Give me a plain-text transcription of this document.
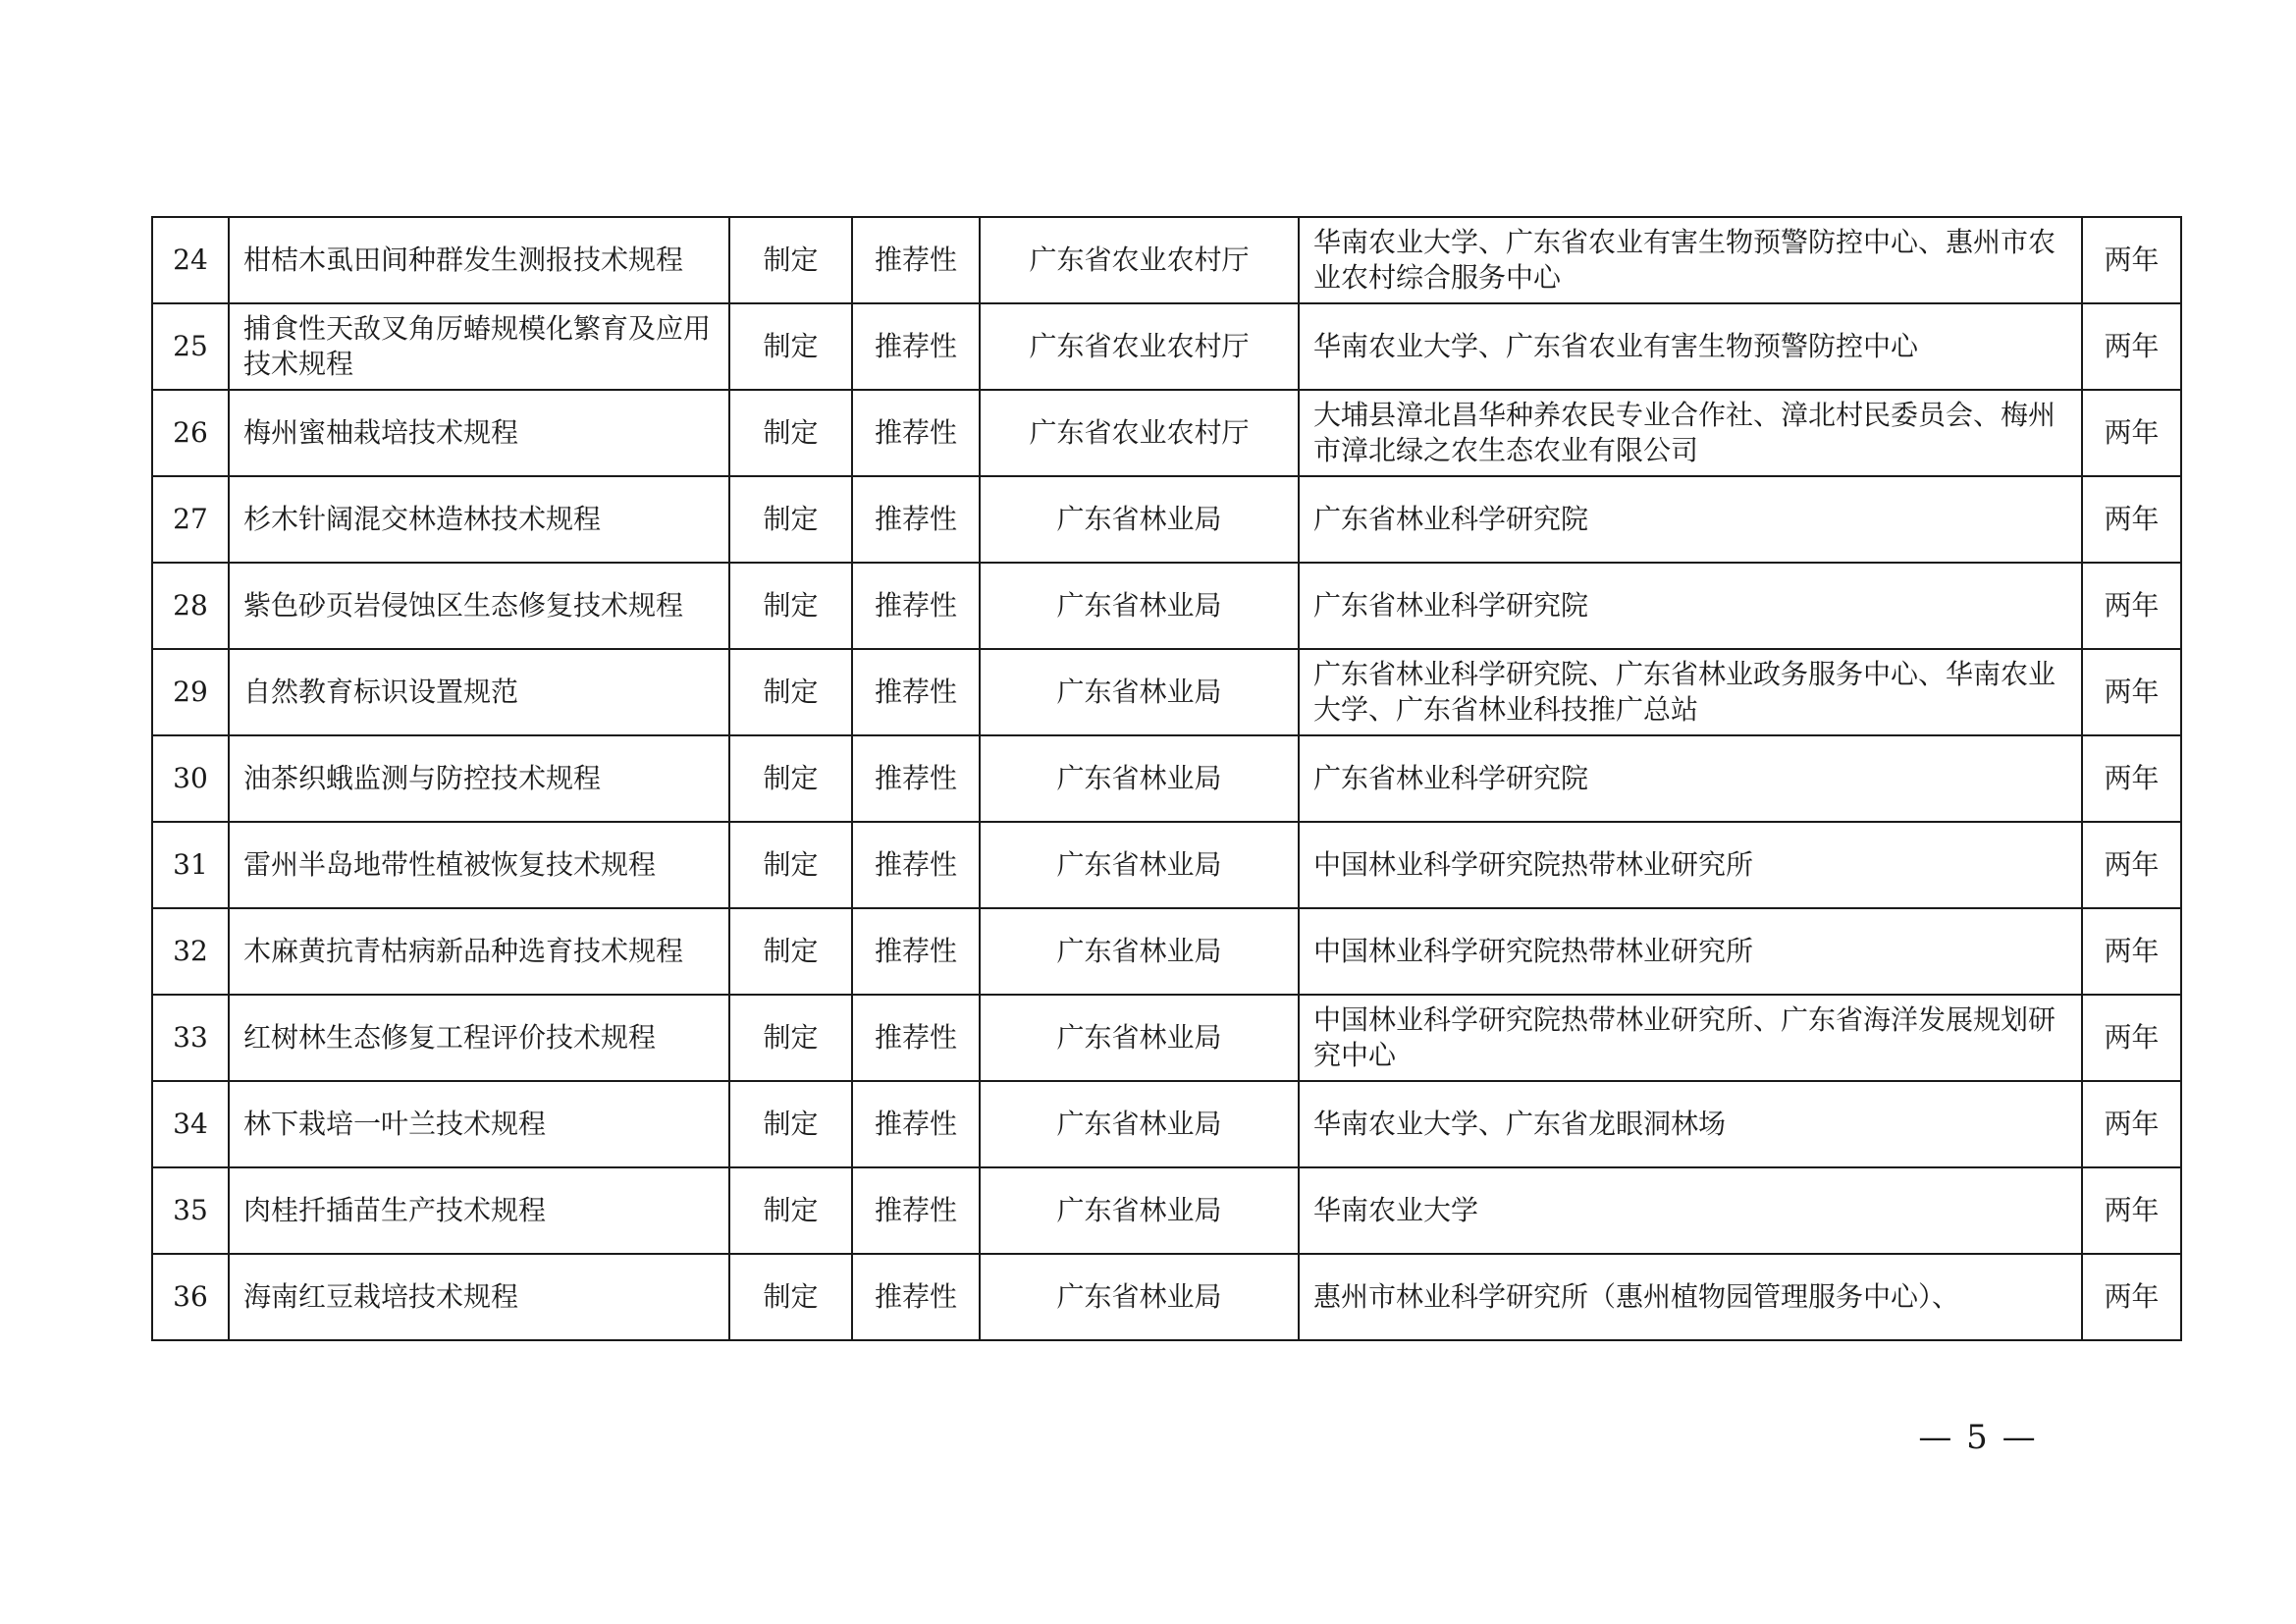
24	柑桔木虱田间种群发生测报技术规程	制定	推荐性	广东省农业农村厅	华南农业大学、广东省农业有害生物预警防控中心、惠州市农业农村综合服务中心	两年
25	捕食性天敌叉角厉蝽规模化繁育及应用技术规程	制定	推荐性	广东省农业农村厅	华南农业大学、广东省农业有害生物预警防控中心	两年
26	梅州蜜柚栽培技术规程	制定	推荐性	广东省农业农村厅	大埔县漳北昌华种养农民专业合作社、漳北村民委员会、梅州市漳北绿之农生态农业有限公司	两年
27	杉木针阔混交林造林技术规程	制定	推荐性	广东省林业局	广东省林业科学研究院	两年
28	紫色砂页岩侵蚀区生态修复技术规程	制定	推荐性	广东省林业局	广东省林业科学研究院	两年
29	自然教育标识设置规范	制定	推荐性	广东省林业局	广东省林业科学研究院、广东省林业政务服务中心、华南农业大学、广东省林业科技推广总站	两年
30	油茶织蛾监测与防控技术规程	制定	推荐性	广东省林业局	广东省林业科学研究院	两年
31	雷州半岛地带性植被恢复技术规程	制定	推荐性	广东省林业局	中国林业科学研究院热带林业研究所	两年
32	木麻黄抗青枯病新品种选育技术规程	制定	推荐性	广东省林业局	中国林业科学研究院热带林业研究所	两年
33	红树林生态修复工程评价技术规程	制定	推荐性	广东省林业局	中国林业科学研究院热带林业研究所、广东省海洋发展规划研究中心	两年
34	林下栽培一叶兰技术规程	制定	推荐性	广东省林业局	华南农业大学、广东省龙眼洞林场	两年
35	肉桂扦插苗生产技术规程	制定	推荐性	广东省林业局	华南农业大学	两年
36	海南红豆栽培技术规程	制定	推荐性	广东省林业局	惠州市林业科学研究所（惠州植物园管理服务中心）、	两年
— 5 —
